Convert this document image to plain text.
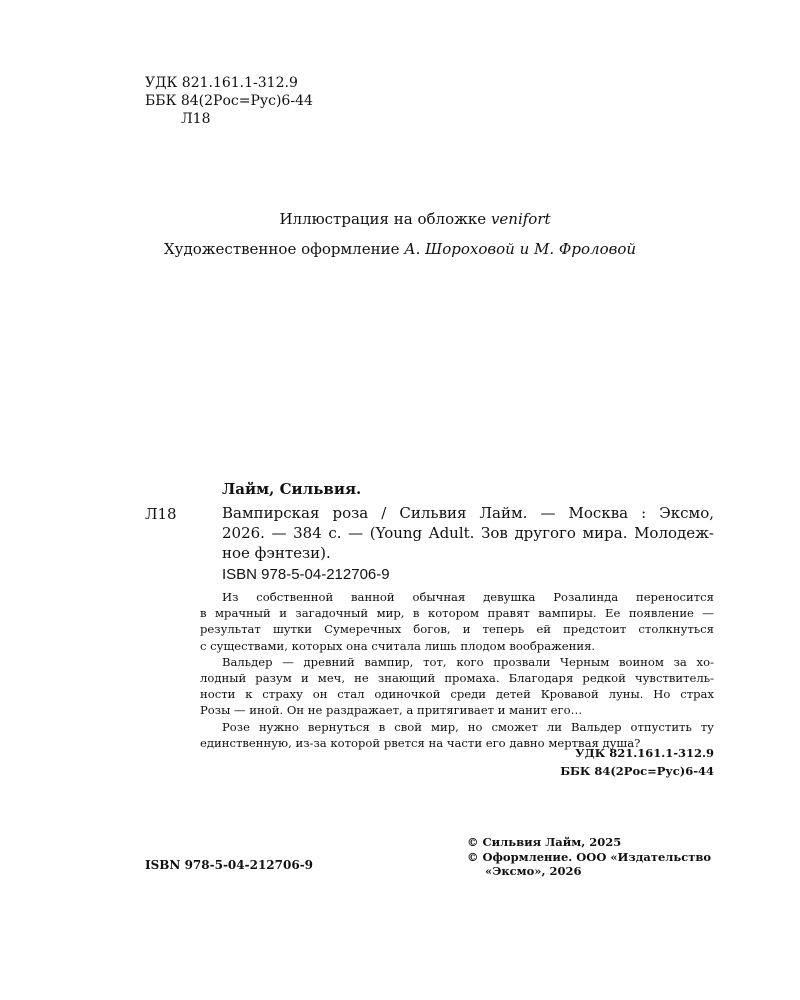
УДК 821.161.1-312.9
ББК 84(2Рос=Рус)6-44
Л18
Иллюстрация на обложке venifort
Художественное оформление А. Шороховой и М. Фроловой
Лайм, Сильвия.
Л18	Вампирская роза / Сильвия Лайм. — Москва : Эксмо,
2026. — 384 с. — (Young Adult. Зов другого мира. Молодеж-
ное фэнтези).
ISBN 978-5-04-212706-9
Из собственной ванной обычная девушка Розалинда переносится
в мрачный и загадочный мир, в котором правят вампиры. Ее появление —
результат шутки Сумеречных богов, и теперь ей предстоит столкнуться
с существами, которых она считала лишь плодом воображения.
Вальдер — древний вампир, тот, кого прозвали Черным воином за хо-
лодный разум и меч, не знающий промаха. Благодаря редкой чувствитель-
ности к страху он стал одиночкой среди детей Кровавой луны. Но страх
Розы — иной. Он не раздражает, а притягивает и манит его…
Розе нужно вернуться в свой мир, но сможет ли Вальдер отпустить ту
единственную, из-за которой рвется на части его давно мертвая душа?
УДК 821.161.1-312.9
ББК 84(2Рос=Рус)6-44
ISBN 978-5-04-212706-9
© Сильвия Лайм, 2025
© Оформление. ООО «Издательство
«Эксмо», 2026
